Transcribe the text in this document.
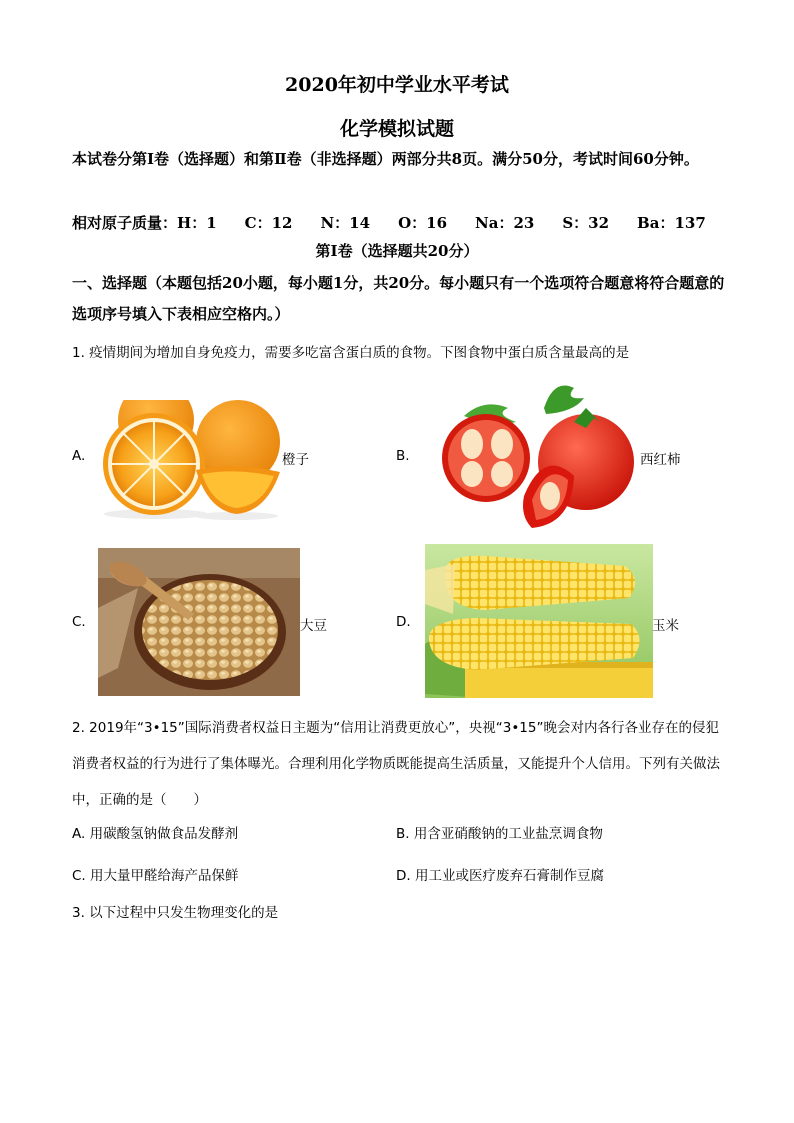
2020年初中学业水平考试
化学模拟试题
本试卷分第Ⅰ卷（选择题）和第Ⅱ卷（非选择题）两部分共8页。满分50分，考试时间60分钟。
相对原子质量：H：1 C：12 N：14 O：16 Na：23 S：32 Ba：137
第Ⅰ卷（选择题共20分）
一、选择题（本题包括20小题，每小题1分，共20分。每小题只有一个选项符合题意将符合题意的选项序号填入下表相应空格内。）
1. 疫情期间为增加自身免疫力，需要多吃富含蛋白质的食物。下图食物中蛋白质含量最高的是
A.	橙子	B.	西红柿
C.	大豆	D.	玉米
2. 2019年“3•15”国际消费者权益日主题为“信用让消费更放心”，央视“3•15”晚会对内各行各业存在的侵犯消费者权益的行为进行了集体曝光。合理利用化学物质既能提高生活质量，又能提升个人信用。下列有关做法中，正确的是（　　）
A. 用碳酸氢钠做食品发酵剂	B. 用含亚硝酸钠的工业盐烹调食物
C. 用大量甲醛给海产品保鲜	D. 用工业或医疗废弃石膏制作豆腐
3. 以下过程中只发生物理变化的是
